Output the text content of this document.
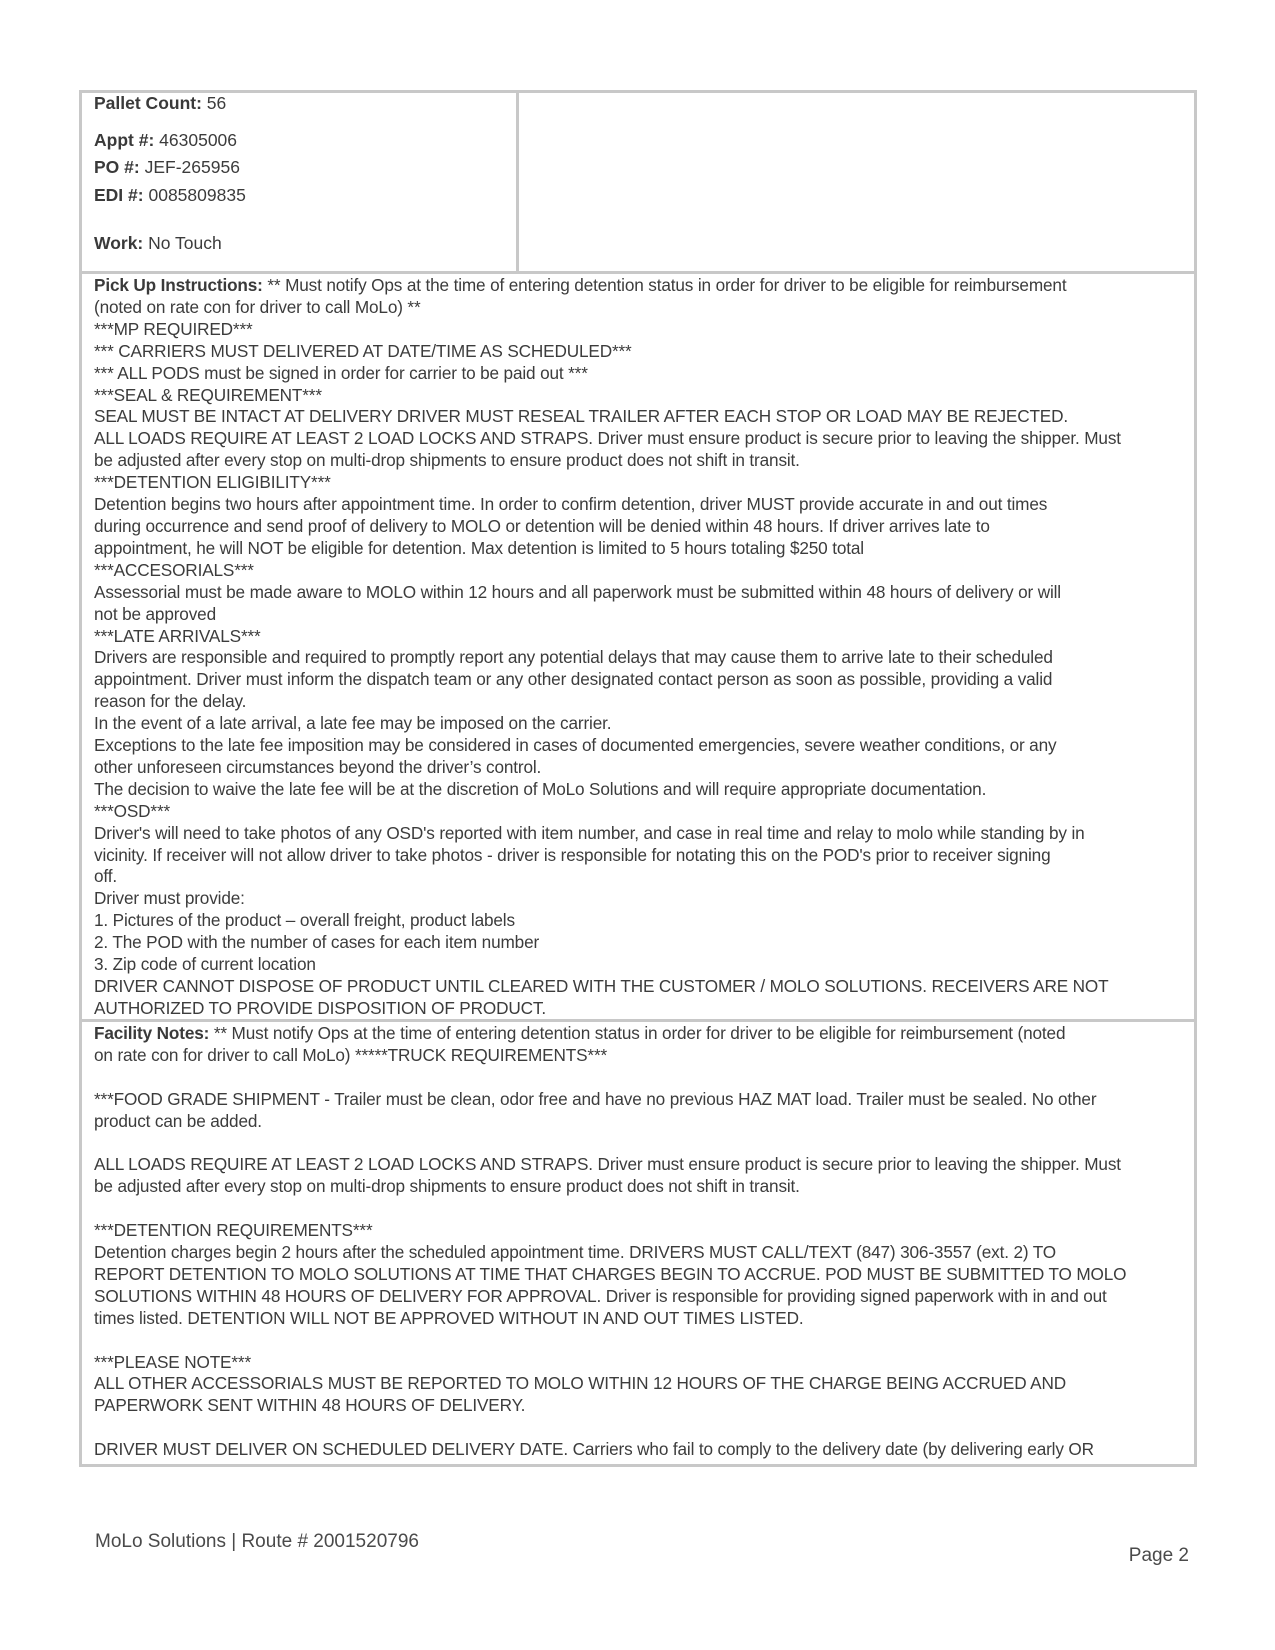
Pallet Count: 56
Appt #: 46305006
PO #: JEF-265956
EDI #: 0085809835
Work: No Touch
Pick Up Instructions: ** Must notify Ops at the time of entering detention status in order for driver to be eligible for reimbursement
(noted on rate con for driver to call MoLo) **
***MP REQUIRED***
*** CARRIERS MUST DELIVERED AT DATE/TIME AS SCHEDULED***
*** ALL PODS must be signed in order for carrier to be paid out ***
***SEAL & REQUIREMENT***
SEAL MUST BE INTACT AT DELIVERY DRIVER MUST RESEAL TRAILER AFTER EACH STOP OR LOAD MAY BE REJECTED.
ALL LOADS REQUIRE AT LEAST 2 LOAD LOCKS AND STRAPS. Driver must ensure product is secure prior to leaving the shipper. Must
be adjusted after every stop on multi-drop shipments to ensure product does not shift in transit.
***DETENTION ELIGIBILITY***
Detention begins two hours after appointment time. In order to confirm detention, driver MUST provide accurate in and out times
during occurrence and send proof of delivery to MOLO or detention will be denied within 48 hours. If driver arrives late to
appointment, he will NOT be eligible for detention. Max detention is limited to 5 hours totaling $250 total
***ACCESORIALS***
Assessorial must be made aware to MOLO within 12 hours and all paperwork must be submitted within 48 hours of delivery or will
not be approved
***LATE ARRIVALS***
Drivers are responsible and required to promptly report any potential delays that may cause them to arrive late to their scheduled
appointment. Driver must inform the dispatch team or any other designated contact person as soon as possible, providing a valid
reason for the delay.
In the event of a late arrival, a late fee may be imposed on the carrier.
Exceptions to the late fee imposition may be considered in cases of documented emergencies, severe weather conditions, or any
other unforeseen circumstances beyond the driver’s control.
The decision to waive the late fee will be at the discretion of MoLo Solutions and will require appropriate documentation.
***OSD***
Driver's will need to take photos of any OSD's reported with item number, and case in real time and relay to molo while standing by in
vicinity. If receiver will not allow driver to take photos - driver is responsible for notating this on the POD's prior to receiver signing
off.
Driver must provide:
1. Pictures of the product – overall freight, product labels
2. The POD with the number of cases for each item number
3. Zip code of current location
DRIVER CANNOT DISPOSE OF PRODUCT UNTIL CLEARED WITH THE CUSTOMER / MOLO SOLUTIONS. RECEIVERS ARE NOT
AUTHORIZED TO PROVIDE DISPOSITION OF PRODUCT.
Facility Notes: ** Must notify Ops at the time of entering detention status in order for driver to be eligible for reimbursement (noted
on rate con for driver to call MoLo) *****TRUCK REQUIREMENTS***
***FOOD GRADE SHIPMENT - Trailer must be clean, odor free and have no previous HAZ MAT load. Trailer must be sealed. No other
product can be added.
ALL LOADS REQUIRE AT LEAST 2 LOAD LOCKS AND STRAPS. Driver must ensure product is secure prior to leaving the shipper. Must
be adjusted after every stop on multi-drop shipments to ensure product does not shift in transit.
***DETENTION REQUIREMENTS***
Detention charges begin 2 hours after the scheduled appointment time. DRIVERS MUST CALL/TEXT (847) 306-3557 (ext. 2) TO
REPORT DETENTION TO MOLO SOLUTIONS AT TIME THAT CHARGES BEGIN TO ACCRUE. POD MUST BE SUBMITTED TO MOLO
SOLUTIONS WITHIN 48 HOURS OF DELIVERY FOR APPROVAL. Driver is responsible for providing signed paperwork with in and out
times listed. DETENTION WILL NOT BE APPROVED WITHOUT IN AND OUT TIMES LISTED.
***PLEASE NOTE***
ALL OTHER ACCESSORIALS MUST BE REPORTED TO MOLO WITHIN 12 HOURS OF THE CHARGE BEING ACCRUED AND
PAPERWORK SENT WITHIN 48 HOURS OF DELIVERY.
DRIVER MUST DELIVER ON SCHEDULED DELIVERY DATE. Carriers who fail to comply to the delivery date (by delivering early OR
MoLo Solutions | Route # 2001520796
Page 2
